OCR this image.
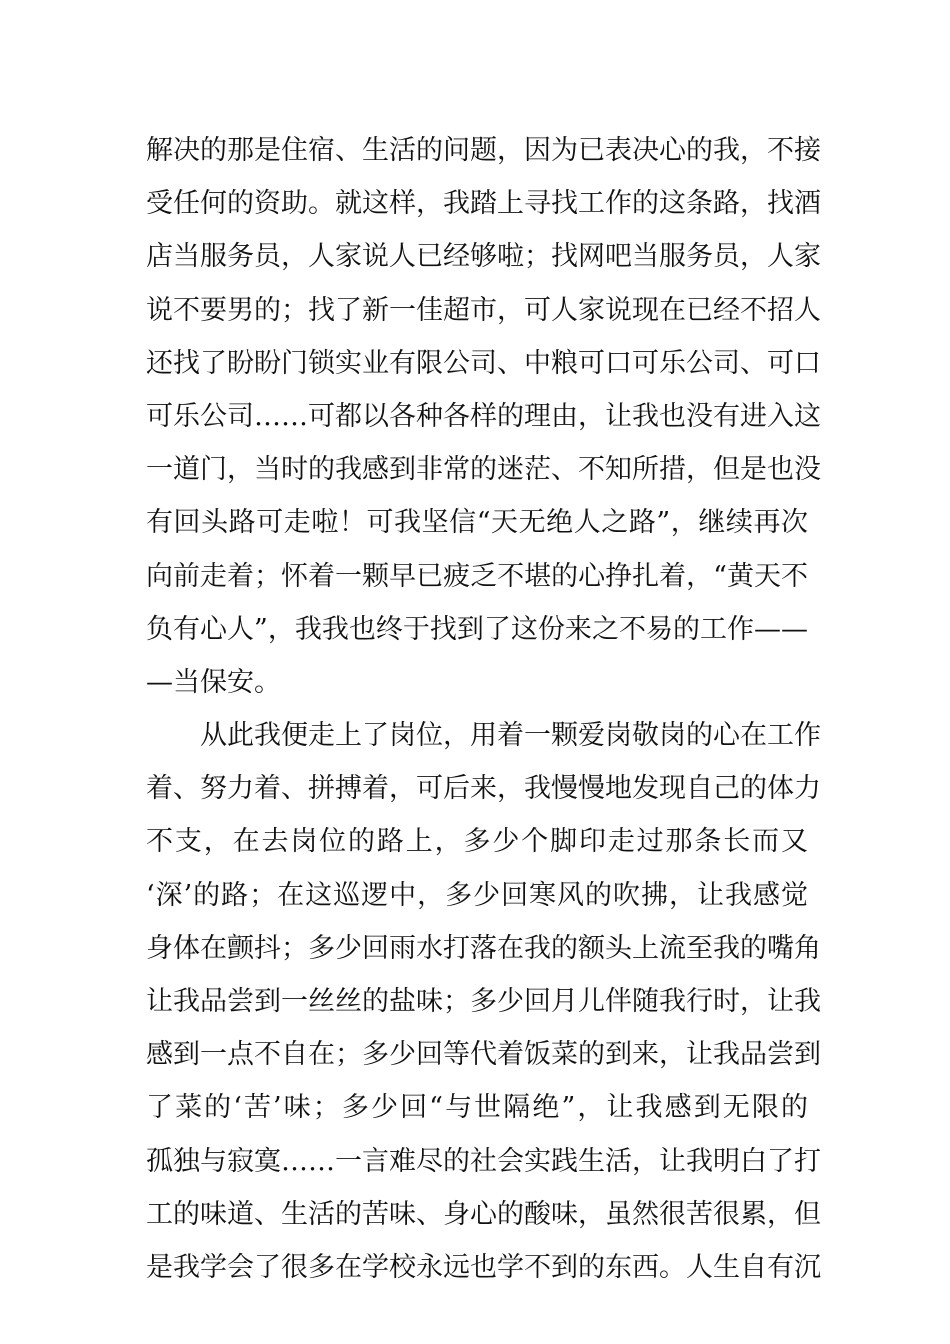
解决的那是住宿、生活的问题，因为已表决心的我，不接
受任何的资助。就这样，我踏上寻找工作的这条路，找酒
店当服务员，人家说人已经够啦；找网吧当服务员，人家
说不要男的；找了新一佳超市，可人家说现在已经不招人
还找了盼盼门锁实业有限公司、中粮可口可乐公司、可口
可乐公司……可都以各种各样的理由，让我也没有进入这
一道门，当时的我感到非常的迷茫、不知所措，但是也没
有回头路可走啦！可我坚信“天无绝人之路”，继续再次
向前走着；怀着一颗早已疲乏不堪的心挣扎着，“黄天不
负有心人”，我我也终于找到了这份来之不易的工作——
—当保安。
从此我便走上了岗位，用着一颗爱岗敬岗的心在工作
着、努力着、拼搏着，可后来，我慢慢地发现自己的体力
不支，在去岗位的路上，多少个脚印走过那条长而又
‘深’的路；在这巡逻中，多少回寒风的吹拂，让我感觉
身体在颤抖；多少回雨水打落在我的额头上流至我的嘴角
让我品尝到一丝丝的盐味；多少回月儿伴随我行时，让我
感到一点不自在；多少回等代着饭菜的到来，让我品尝到
了菜的‘苦’味；多少回“与世隔绝”，让我感到无限的
孤独与寂寞……一言难尽的社会实践生活，让我明白了打
工的味道、生活的苦味、身心的酸味，虽然很苦很累，但
是我学会了很多在学校永远也学不到的东西。人生自有沉
